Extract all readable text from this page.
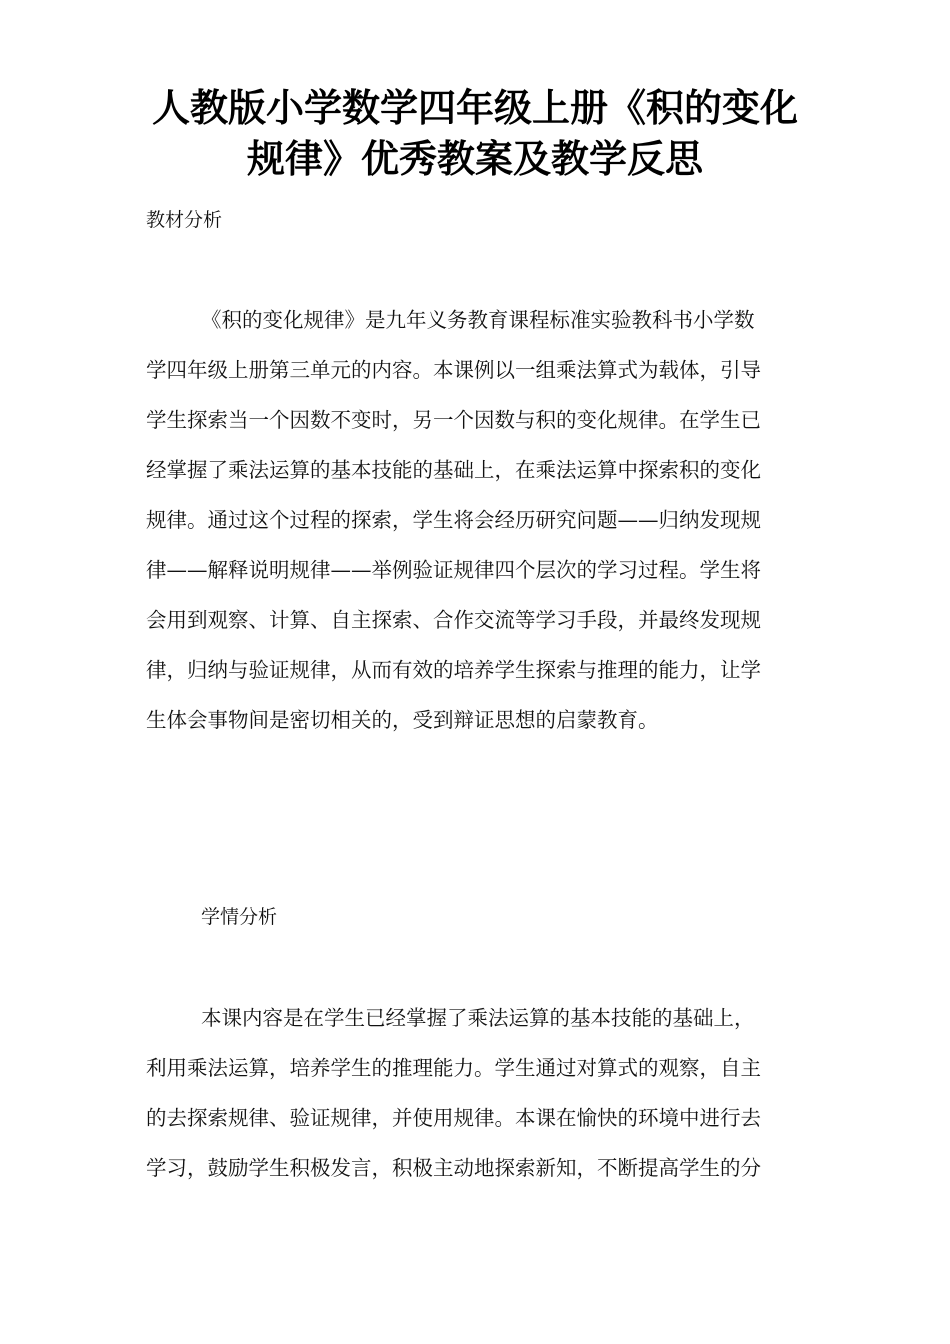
人教版小学数学四年级上册《积的变化
规律》优秀教案及教学反思
教材分析
《积的变化规律》是九年义务教育课程标准实验教科书小学数
学四年级上册第三单元的内容。本课例以一组乘法算式为载体，引导
学生探索当一个因数不变时，另一个因数与积的变化规律。在学生已
经掌握了乘法运算的基本技能的基础上，在乘法运算中探索积的变化
规律。通过这个过程的探索，学生将会经历研究问题——归纳发现规
律——解释说明规律——举例验证规律四个层次的学习过程。学生将
会用到观察、计算、自主探索、合作交流等学习手段，并最终发现规
律，归纳与验证规律，从而有效的培养学生探索与推理的能力，让学
生体会事物间是密切相关的，受到辩证思想的启蒙教育。
学情分析
本课内容是在学生已经掌握了乘法运算的基本技能的基础上，
利用乘法运算，培养学生的推理能力。学生通过对算式的观察，自主
的去探索规律、验证规律，并使用规律。本课在愉快的环境中进行去
学习，鼓励学生积极发言，积极主动地探索新知，不断提高学生的分
